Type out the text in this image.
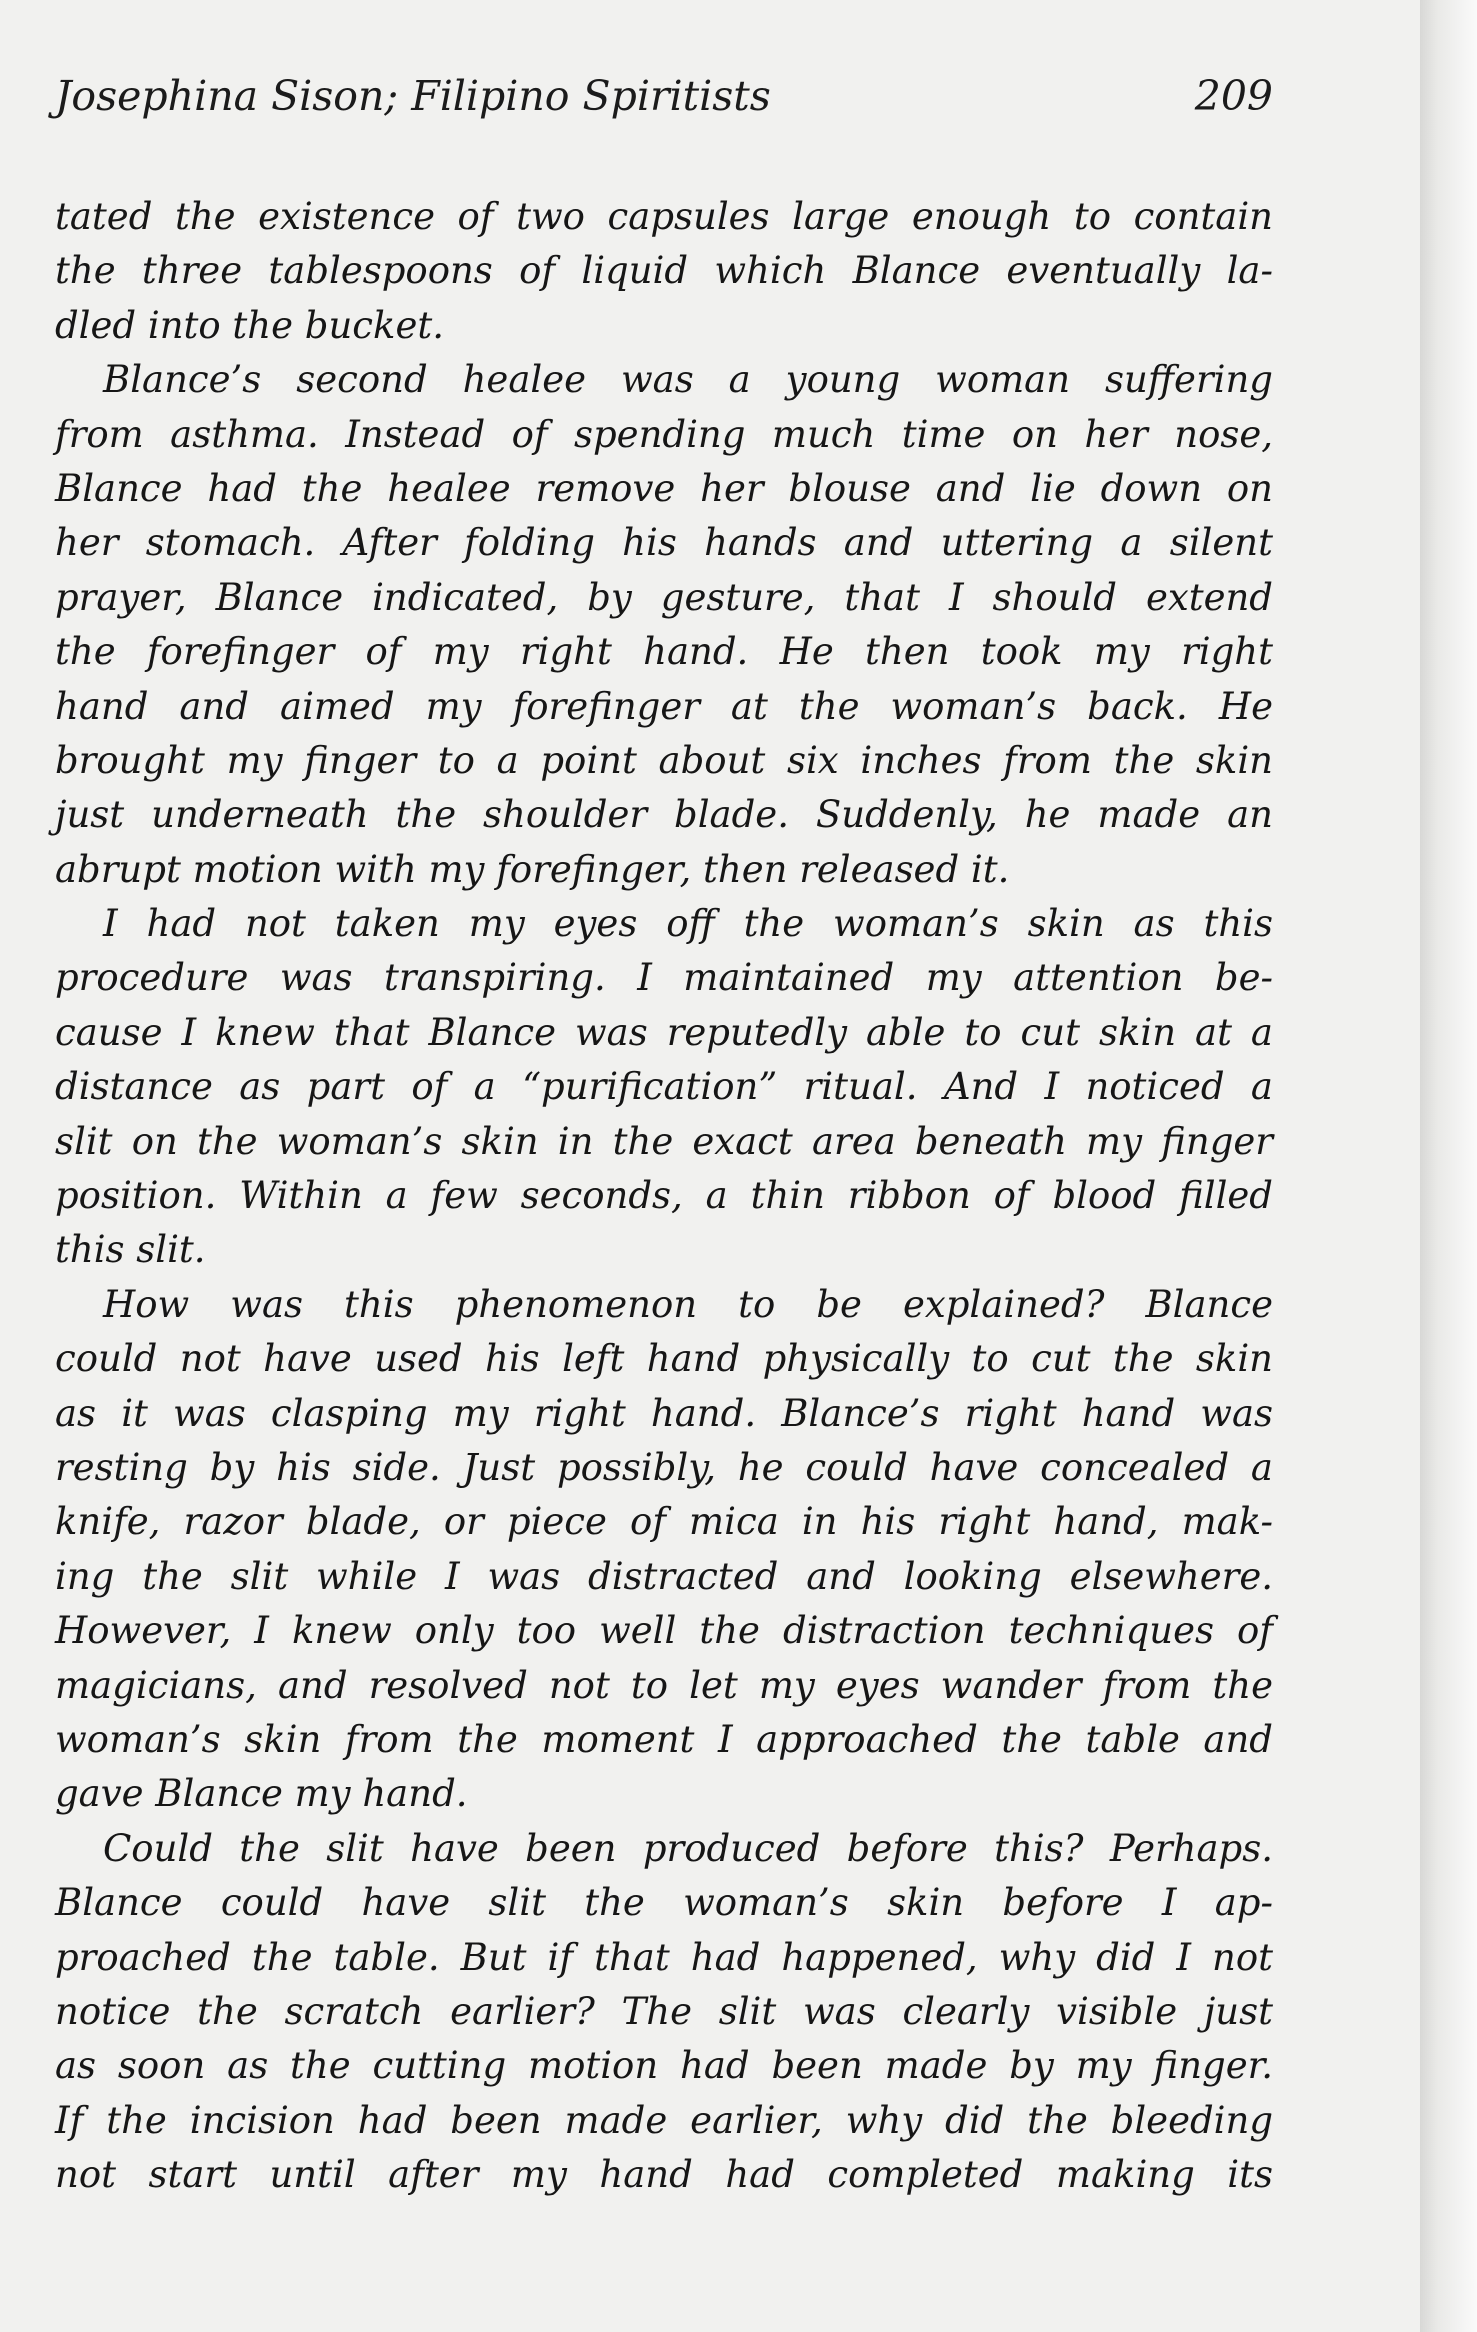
Josephina Sison; Filipino Spiritists	209
tated the existence of two capsules large enough to contain
the three tablespoons of liquid which Blance eventually la-
dled into the bucket.
Blance’s second healee was a young woman suffering
from asthma. Instead of spending much time on her nose,
Blance had the healee remove her blouse and lie down on
her stomach. After folding his hands and uttering a silent
prayer, Blance indicated, by gesture, that I should extend
the forefinger of my right hand. He then took my right
hand and aimed my forefinger at the woman’s back. He
brought my finger to a point about six inches from the skin
just underneath the shoulder blade. Suddenly, he made an
abrupt motion with my forefinger, then released it.
I had not taken my eyes off the woman’s skin as this
procedure was transpiring. I maintained my attention be-
cause I knew that Blance was reputedly able to cut skin at a
distance as part of a “purification” ritual. And I noticed a
slit on the woman’s skin in the exact area beneath my finger
position. Within a few seconds, a thin ribbon of blood filled
this slit.
How was this phenomenon to be explained? Blance
could not have used his left hand physically to cut the skin
as it was clasping my right hand. Blance’s right hand was
resting by his side. Just possibly, he could have concealed a
knife, razor blade, or piece of mica in his right hand, mak-
ing the slit while I was distracted and looking elsewhere.
However, I knew only too well the distraction techniques of
magicians, and resolved not to let my eyes wander from the
woman’s skin from the moment I approached the table and
gave Blance my hand.
Could the slit have been produced before this? Perhaps.
Blance could have slit the woman’s skin before I ap-
proached the table. But if that had happened, why did I not
notice the scratch earlier? The slit was clearly visible just
as soon as the cutting motion had been made by my finger.
If the incision had been made earlier, why did the bleeding
not start until after my hand had completed making its
